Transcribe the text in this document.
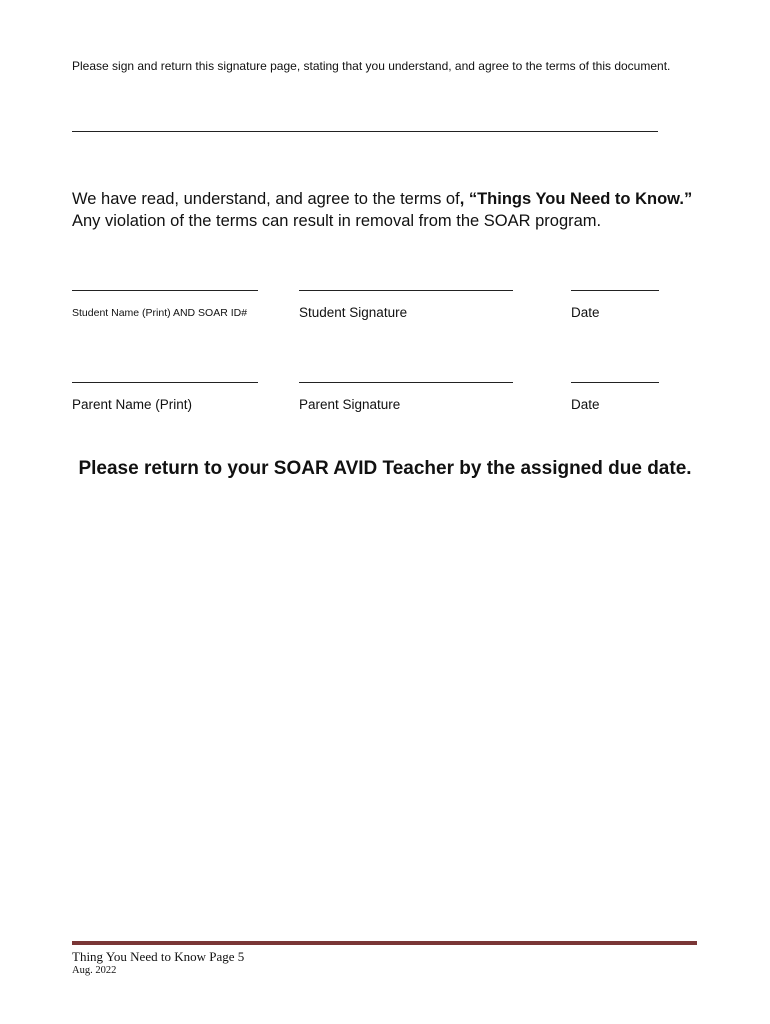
Please sign and return this signature page, stating that you understand, and agree to the terms of this document.

We have read, understand, and agree to the terms of, “Things You Need to Know.” Any violation of the terms can result in removal from the SOAR program.

Student Name (Print) AND SOAR ID#	Student Signature	Date
Parent Name (Print)	Parent Signature	Date
Please return to your SOAR AVID Teacher by the assigned due date.
Thing You Need to Know Page 5
Aug. 2022
